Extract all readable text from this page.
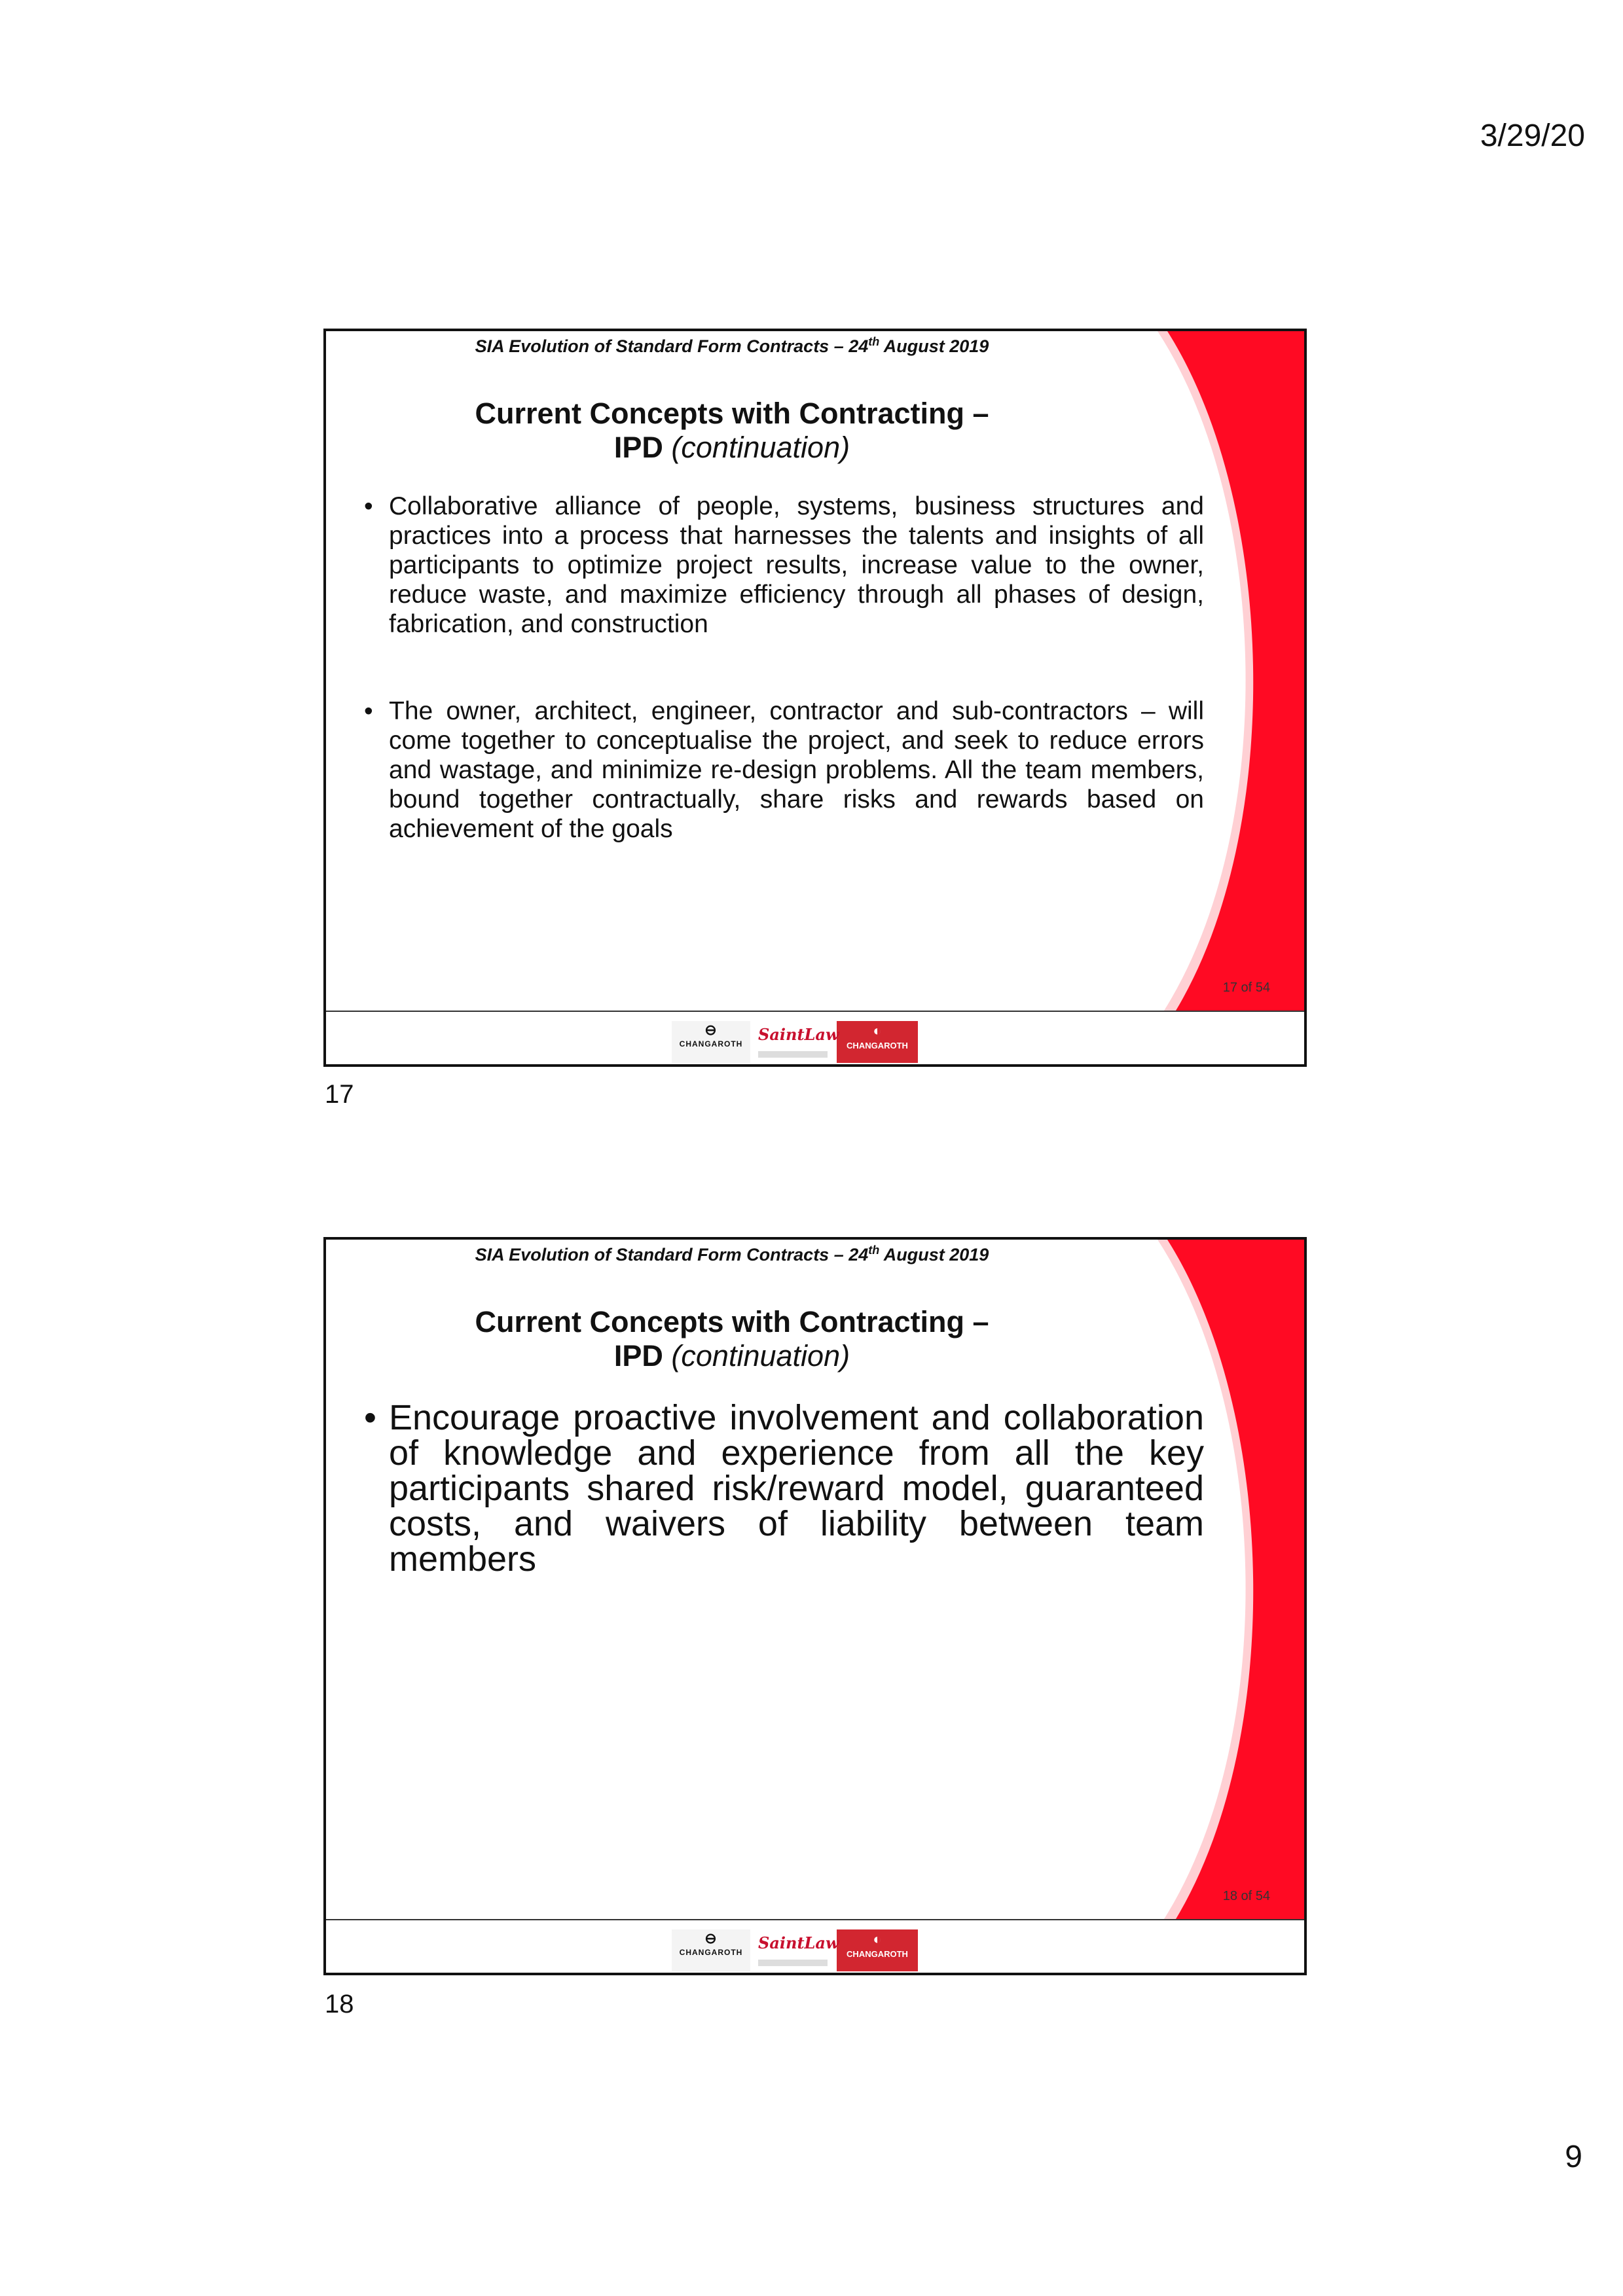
3/29/20
SIA Evolution of Standard Form Contracts – 24th August 2019
Current Concepts with Contracting –
IPD (continuation)
• Collaborative alliance of people, systems, business structures and practices into a process that harnesses the talents and insights of all participants to optimize project results, increase value to the owner, reduce waste, and maximize efficiency through all phases of design, fabrication, and construction
• The owner, architect, engineer, contractor and sub-contractors – will come together to conceptualise the project, and seek to reduce errors and wastage, and minimize re-design problems. All the team members, bound together contractually, share risks and rewards based on achievement of the goals
17 of 54
⊖
CHANGAROTH SaintLaw	◐
CHANGAROTH
17
SIA Evolution of Standard Form Contracts – 24th August 2019
Current Concepts with Contracting –
IPD (continuation)
• Encourage proactive involvement and collaboration of knowledge and experience from all the key participants shared risk/reward model, guaranteed costs, and waivers of liability between team members
18 of 54
⊖
CHANGAROTH SaintLaw	◐
CHANGAROTH
18
9
